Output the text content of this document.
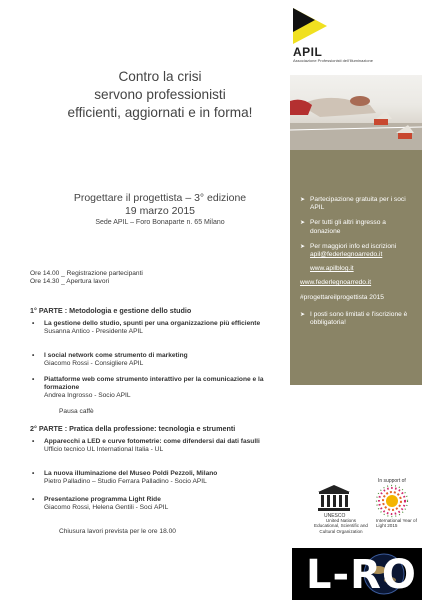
APIL
Associazione Professionisti dell'Illuminazione
Contro la crisi
servono professionisti
efficienti, aggiornati e in forma!
➤ Partecipazione gratuita per i soci APIL
➤ Per tutti gli altri ingresso a donazione
➤ Per maggiori info ed iscrizioni
apil@federlegnoarredo.it
www.apilblog.it
www.federlegnoarredo.it
#progettareilprogettista 2015
➤ I posti sono limitati e l'iscrizione è obbligatoria!
Progettare il progettista – 3° edizione
19 marzo 2015
Sede APIL – Foro Bonaparte n. 65 Milano
Ore 14.00 _ Registrazione partecipanti
Ore 14.30 _ Apertura lavori
1° PARTE : Metodologia e gestione dello studio
• La gestione dello studio, spunti per una organizzazione più efficiente
Susanna Antico - Presidente APIL
• I social network come strumento di marketing
Giacomo Rossi - Consigliere APIL
• Piattaforme web come strumento interattivo per la comunicazione e la formazione
Andrea Ingrosso - Socio APIL
Pausa caffè
2° PARTE : Pratica della professione: tecnologia e strumenti
• Apparecchi a LED e curve fotometrie: come difendersi dai dati fasulli
Ufficio tecnico UL International Italia - UL
• La nuova illuminazione del Museo Poldi Pezzoli, Milano
Pietro Palladino – Studio Ferrara Palladino - Socio APIL
• Presentazione programma Light Ride
Giacomo Rossi, Helena Gentili - Soci APIL
Chiusura lavori prevista per le ore 18.00
UNESCO
United Nations Educational, Scientific and Cultural Organization
In support of
International Year of Light 2015
L-RO
